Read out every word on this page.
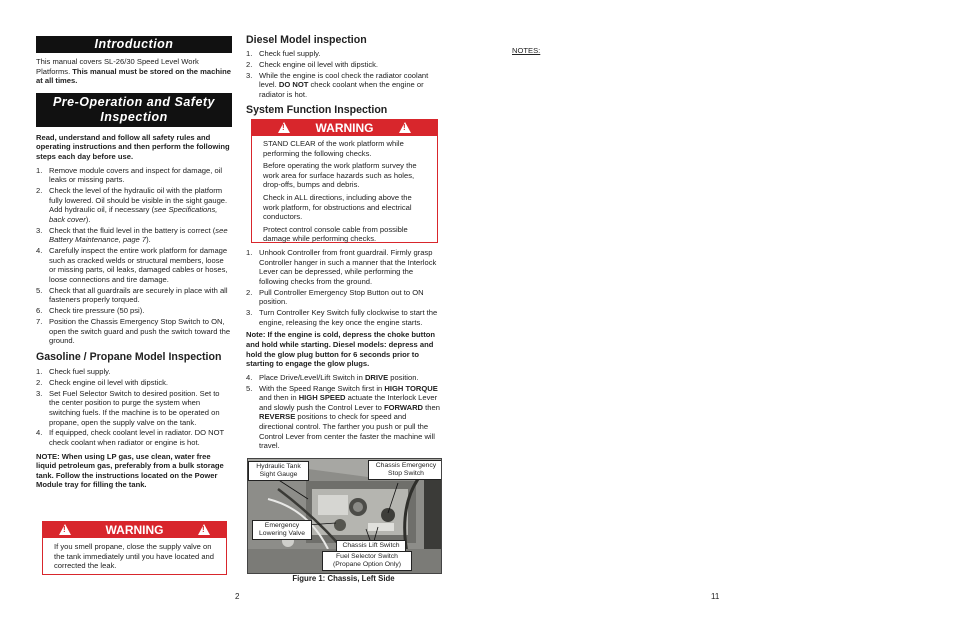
Introduction

This manual covers SL-26/30 Speed Level Work Platforms. This manual must be stored on the machine at all times.

Pre-Operation and Safety
Inspection

Read, understand and follow all safety rules and operating instructions and then perform the following steps each day before use.

1. Remove module covers and inspect for damage, oil leaks or missing parts.
2. Check the level of the hydraulic oil with the platform fully lowered. Oil should be visible in the sight gauge. Add hydraulic oil, if necessary (see Specifications, back cover).
3. Check that the fluid level in the battery is correct (see Battery Maintenance, page 7).
4. Carefully inspect the entire work platform for damage such as cracked welds or structural members, loose or missing parts, oil leaks, damaged cables or hoses, loose connections and tire damage.
5. Check that all guardrails are securely in place with all fasteners properly torqued.
6. Check tire pressure (50 psi).
7. Position the Chassis Emergency Stop Switch to ON, open the switch guard and push the switch toward the ground.
Gasoline / Propane Model Inspection
1. Check fuel supply.
2. Check engine oil level with dipstick.
3. Set Fuel Selector Switch to desired position. Set to the center position to purge the system when switching fuels. If the machine is to be operated on propane, open the supply valve on the tank.
4. If equipped, check coolant level in radiator. DO NOT check coolant when radiator or engine is hot.

NOTE: When using LP gas, use clean, water free liquid petroleum gas, preferably from a bulk storage tank. Follow the instructions located on the Power Module tray for filling the tank.

!	WARNING	!

If you smell propane, close the supply valve on the tank immediately until you have located and corrected the leak.

2
Diesel Model inspection
1. Check fuel supply.
2. Check engine oil level with dipstick.
3. While the engine is cool check the radiator coolant level. DO NOT check coolant when the engine or radiator is hot.
System Function Inspection
!	WARNING	!

STAND CLEAR of the work platform while performing the following checks.

Before operating the work platform survey the work area for surface hazards such as holes, drop-offs, bumps and debris.

Check in ALL directions, including above the work platform, for obstructions and electrical conductors.

Protect control console cable from possible damage while performing checks.

1. Unhook Controller from front guardrail. Firmly grasp Controller hanger in such a manner that the Interlock Lever can be depressed, while performing the following checks from the ground.
2. Pull Controller Emergency Stop Button out to ON position.
3. Turn Controller Key Switch fully clockwise to start the engine, releasing the key once the engine starts.

Note: If the engine is cold, depress the choke button and hold while starting. Diesel models: depress and hold the glow plug button for 6 seconds prior to starting to engage the glow plugs.

4. Place Drive/Level/Lift Switch in DRIVE position.
5. With the Speed Range Switch first in HIGH TORQUE and then in HIGH SPEED actuate the Interlock Lever and slowly push the Control Lever to FORWARD then REVERSE positions to check for speed and directional control. The farther you push or pull the Control Lever from center the faster the machine will travel.
Hydraulic Tank
Sight Gauge
Chassis Emergency
Stop Switch
Emergency
Lowering Valve
Chassis Lift Switch
Fuel Selector Switch
(Propane Option Only)
Figure 1: Chassis, Left Side
NOTES:
11
